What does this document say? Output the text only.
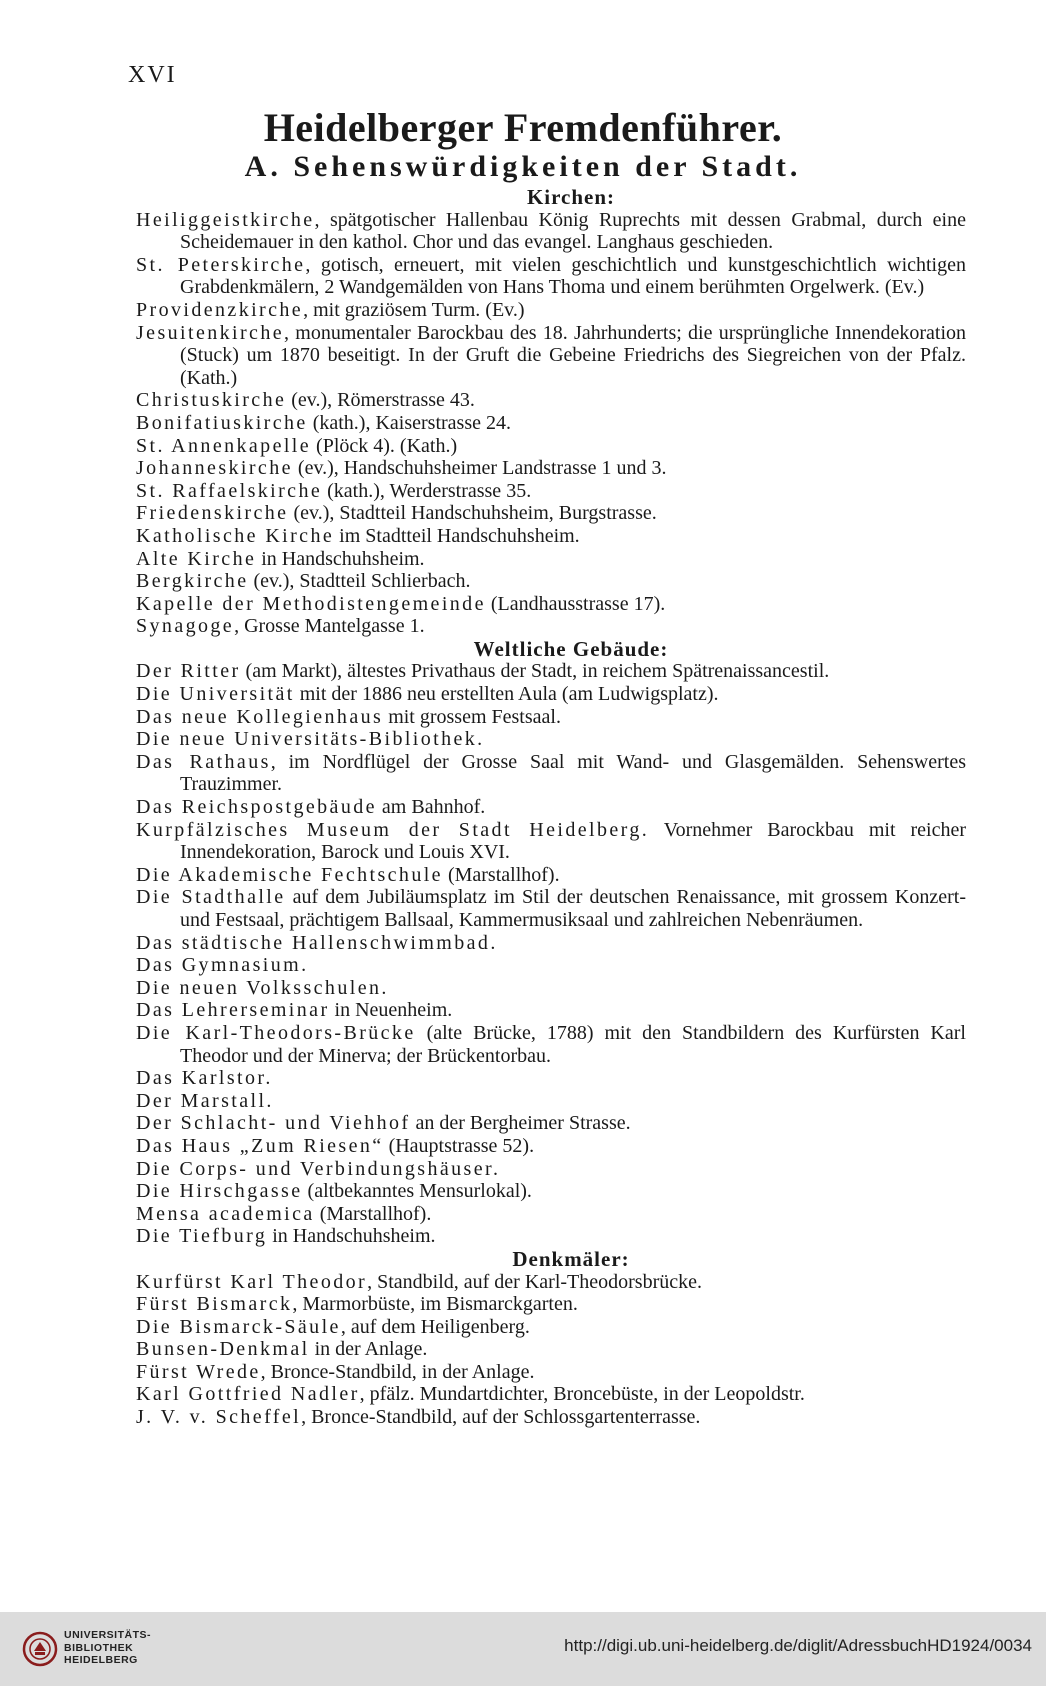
XVI
Heidelberger Fremdenführer.
A. Sehenswürdigkeiten der Stadt.
Kirchen:
Heiliggeistkirche, spätgotischer Hallenbau König Ruprechts mit dessen Grabmal, durch eine Scheidemauer in den kathol. Chor und das evangel. Langhaus geschieden.
St. Peterskirche, gotisch, erneuert, mit vielen geschichtlich und kunstgeschichtlich wichtigen Grabdenkmälern, 2 Wandgemälden von Hans Thoma und einem berühmten Orgelwerk. (Ev.)
Providenzkirche, mit graziösem Turm. (Ev.)
Jesuitenkirche, monumentaler Barockbau des 18. Jahrhunderts; die ursprüngliche Innendekoration (Stuck) um 1870 beseitigt. In der Gruft die Gebeine Friedrichs des Siegreichen von der Pfalz. (Kath.)
Christuskirche (ev.), Römerstrasse 43.
Bonifatiuskirche (kath.), Kaiserstrasse 24.
St. Annenkapelle (Plöck 4). (Kath.)
Johanneskirche (ev.), Handschuhsheimer Landstrasse 1 und 3.
St. Raffaelskirche (kath.), Werderstrasse 35.
Friedenskirche (ev.), Stadtteil Handschuhsheim, Burgstrasse.
Katholische Kirche im Stadtteil Handschuhsheim.
Alte Kirche in Handschuhsheim.
Bergkirche (ev.), Stadtteil Schlierbach.
Kapelle der Methodistengemeinde (Landhausstrasse 17).
Synagoge, Grosse Mantelgasse 1.
Weltliche Gebäude:
Der Ritter (am Markt), ältestes Privathaus der Stadt, in reichem Spätrenaissancestil.
Die Universität mit der 1886 neu erstellten Aula (am Ludwigsplatz).
Das neue Kollegienhaus mit grossem Festsaal.
Die neue Universitäts-Bibliothek.
Das Rathaus, im Nordflügel der Grosse Saal mit Wand- und Glasgemälden. Sehenswertes Trauzimmer.
Das Reichspostgebäude am Bahnhof.
Kurpfälzisches Museum der Stadt Heidelberg. Vornehmer Barockbau mit reicher Innendekoration, Barock und Louis XVI.
Die Akademische Fechtschule (Marstallhof).
Die Stadthalle auf dem Jubiläumsplatz im Stil der deutschen Renaissance, mit grossem Konzert- und Festsaal, prächtigem Ballsaal, Kammermusiksaal und zahlreichen Nebenräumen.
Das städtische Hallenschwimmbad.
Das Gymnasium.
Die neuen Volksschulen.
Das Lehrerseminar in Neuenheim.
Die Karl-Theodors-Brücke (alte Brücke, 1788) mit den Standbildern des Kurfürsten Karl Theodor und der Minerva; der Brückentorbau.
Das Karlstor.
Der Marstall.
Der Schlacht- und Viehhof an der Bergheimer Strasse.
Das Haus „Zum Riesen“ (Hauptstrasse 52).
Die Corps- und Verbindungshäuser.
Die Hirschgasse (altbekanntes Mensurlokal).
Mensa academica (Marstallhof).
Die Tiefburg in Handschuhsheim.
Denkmäler:
Kurfürst Karl Theodor, Standbild, auf der Karl-Theodorsbrücke.
Fürst Bismarck, Marmorbüste, im Bismarckgarten.
Die Bismarck-Säule, auf dem Heiligenberg.
Bunsen-Denkmal in der Anlage.
Fürst Wrede, Bronce-Standbild, in der Anlage.
Karl Gottfried Nadler, pfälz. Mundartdichter, Broncebüste, in der Leopoldstr.
J. V. v. Scheffel, Bronce-Standbild, auf der Schlossgartenterrasse.
UNIVERSITÄTS-
BIBLIOTHEK
HEIDELBERG
http://digi.ub.uni-heidelberg.de/diglit/AdressbuchHD1924/0034
